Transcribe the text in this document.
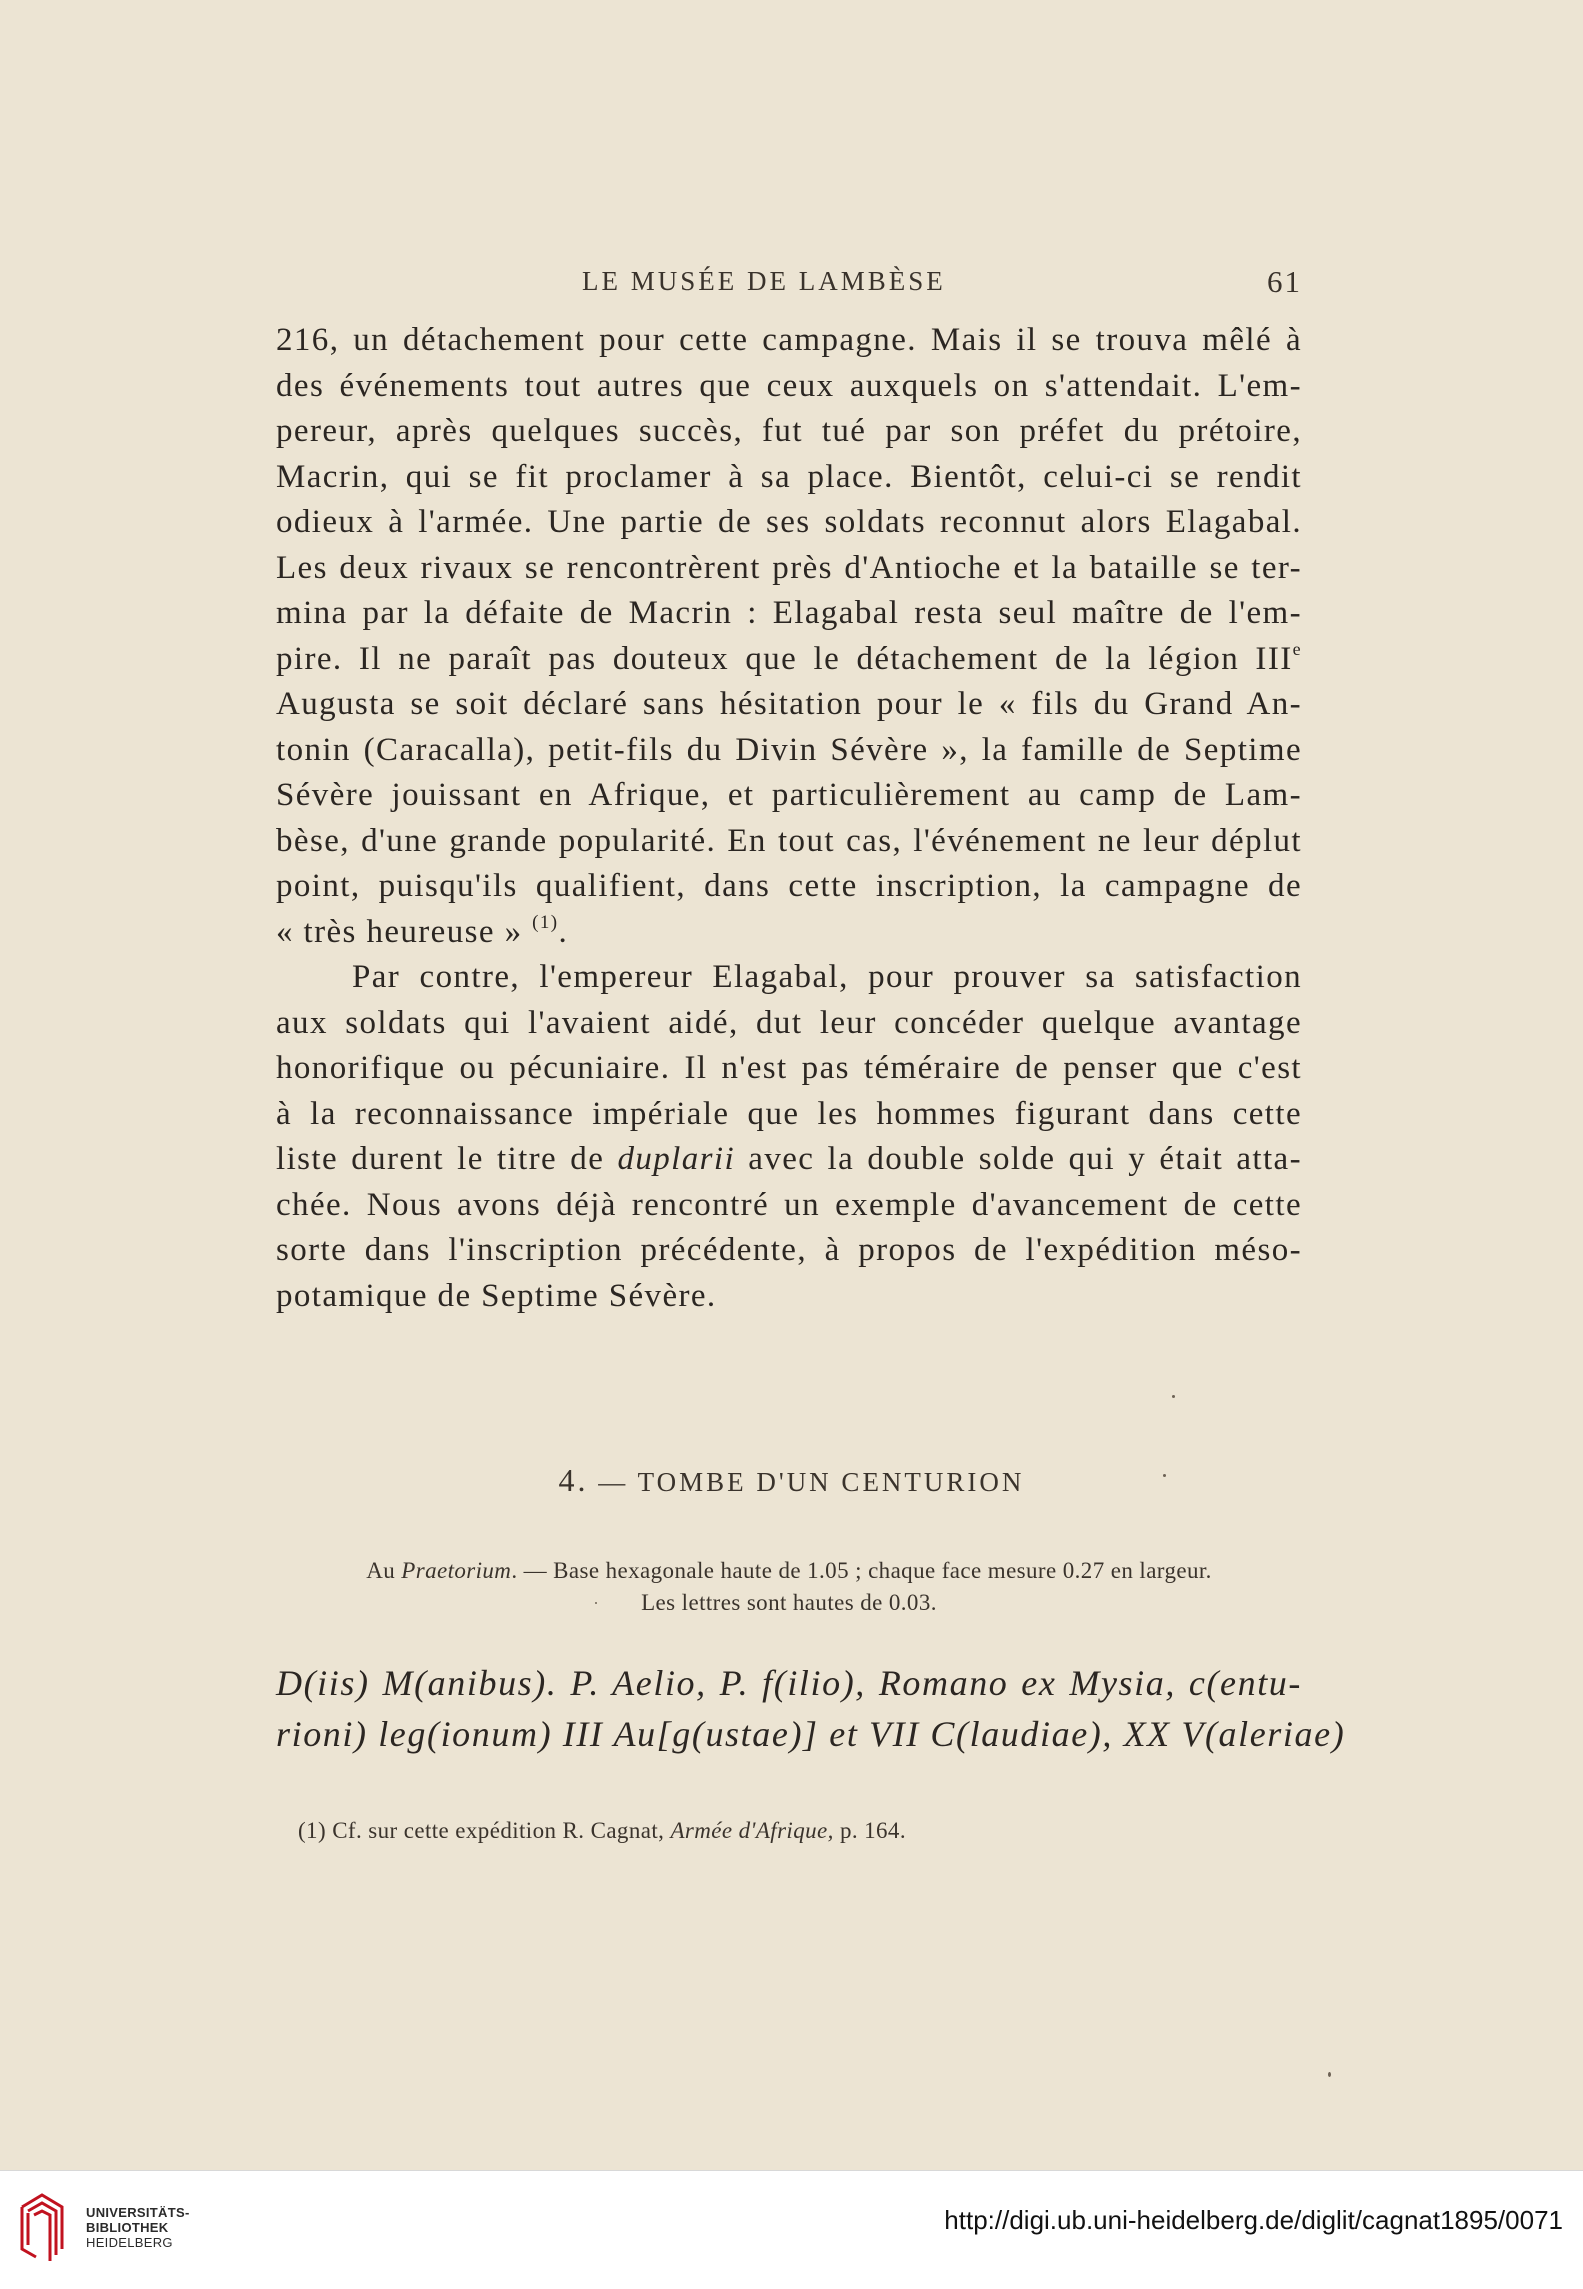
LE MUSÉE DE LAMBÈSE	61
216, un détachement pour cette campagne. Mais il se trouva mêlé à
des événements tout autres que ceux auxquels on s'attendait. L'em-
pereur, après quelques succès, fut tué par son préfet du prétoire,
Macrin, qui se fit proclamer à sa place. Bientôt, celui-ci se rendit
odieux à l'armée. Une partie de ses soldats reconnut alors Elagabal.
Les deux rivaux se rencontrèrent près d'Antioche et la bataille se ter-
mina par la défaite de Macrin : Elagabal resta seul maître de l'em-
pire. Il ne paraît pas douteux que le détachement de la légion IIIe
Augusta se soit déclaré sans hésitation pour le « fils du Grand An-
tonin (Caracalla), petit-fils du Divin Sévère », la famille de Septime
Sévère jouissant en Afrique, et particulièrement au camp de Lam-
bèse, d'une grande popularité. En tout cas, l'événement ne leur déplut
point, puisqu'ils qualifient, dans cette inscription, la campagne de
« très heureuse » $^{(1)}$.
Par contre, l'empereur Elagabal, pour prouver sa satisfaction
aux soldats qui l'avaient aidé, dut leur concéder quelque avantage
honorifique ou pécuniaire. Il n'est pas téméraire de penser que c'est
à la reconnaissance impériale que les hommes figurant dans cette
liste durent le titre de duplarii avec la double solde qui y était atta-
chée. Nous avons déjà rencontré un exemple d'avancement de cette
sorte dans l'inscription précédente, à propos de l'expédition méso-
potamique de Septime Sévère.
4. — TOMBE D'UN CENTURION
Au Praetorium. — Base hexagonale haute de 1.05 ; chaque face mesure 0.27 en largeur.
Les lettres sont hautes de 0.03.
D(iis) M(anibus). P. Aelio, P. f(ilio), Romano ex Mysia, c(entu-
rioni) leg(ionum) III Au[g(ustae)] et VII C(laudiae), XX V(aleriae)
(1) Cf. sur cette expédition R. Cagnat, Armée d'Afrique, p. 164.
UNIVERSITÄTS-
BIBLIOTHEK
HEIDELBERG
http://digi.ub.uni-heidelberg.de/diglit/cagnat1895/0071
